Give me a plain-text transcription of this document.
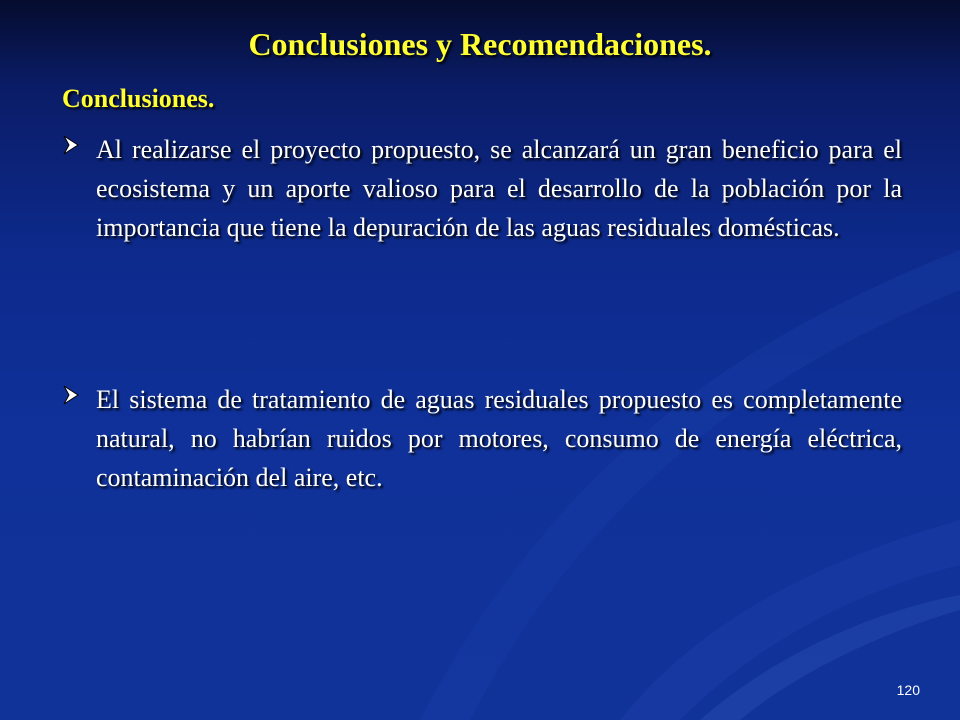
Conclusiones y Recomendaciones.
Conclusiones.

Al realizarse el proyecto propuesto, se alcanzará un gran beneficio para el ecosistema y un aporte valioso para el desarrollo de la población por la importancia que tiene la depuración de las aguas residuales domésticas.

El sistema de tratamiento de aguas residuales propuesto es completamente natural, no habrían ruidos por motores, consumo de energía eléctrica, contaminación del aire, etc.

120
